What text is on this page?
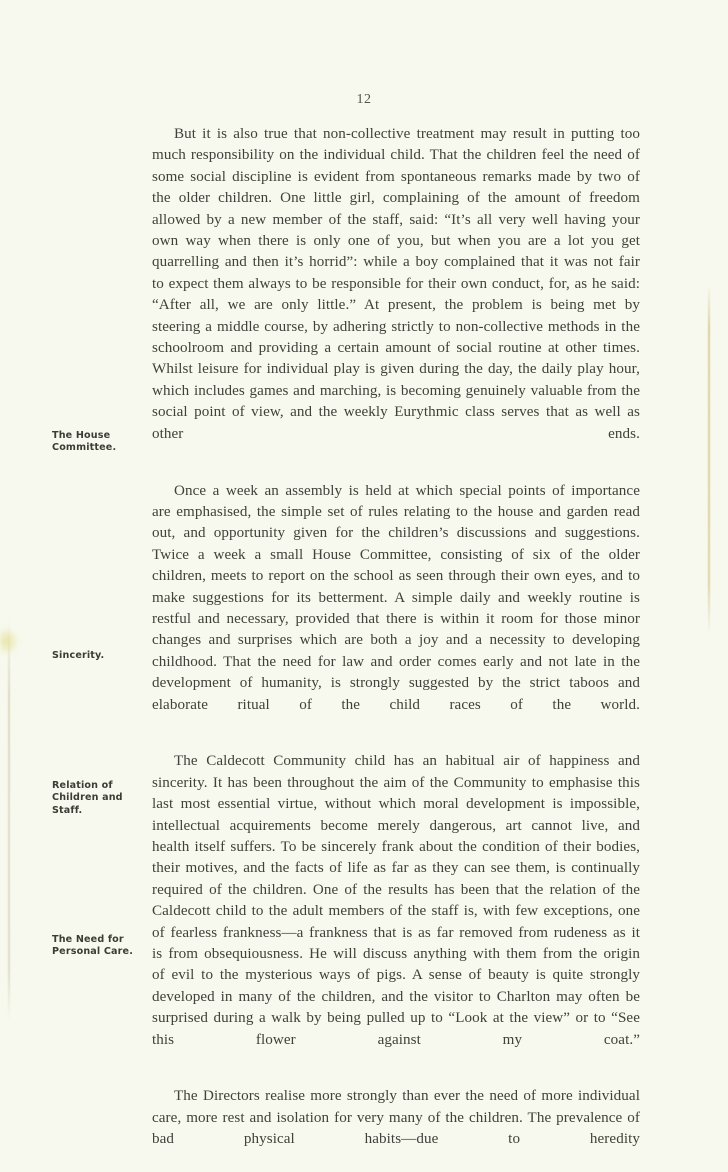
12

But it is also true that non-collective treatment may result in putting too much responsibility on the individual child. That the children feel the need of some social discipline is evident from spontaneous remarks made by two of the older children. One little girl, complaining of the amount of freedom allowed by a new member of the staff, said: “It’s all very well having your own way when there is only one of you, but when you are a lot you get quarrelling and then it’s horrid”: while a boy complained that it was not fair to expect them always to be responsible for their own conduct, for, as he said: “After all, we are only little.” At present, the problem is being met by steering a middle course, by adhering strictly to non-collective methods in the schoolroom and providing a certain amount of social routine at other times. Whilst leisure for individual play is given during the day, the daily play hour, which includes games and marching, is becoming genuinely valuable from the social point of view, and the weekly Eurythmic class serves that as well as other ends.

Once a week an assembly is held at which special points of importance are emphasised, the simple set of rules relating to the house and garden read out, and opportunity given for the children’s discussions and suggestions. Twice a week a small House Committee, consisting of six of the older children, meets to report on the school as seen through their own eyes, and to make suggestions for its betterment. A simple daily and weekly routine is restful and necessary, provided that there is within it room for those minor changes and surprises which are both a joy and a necessity to developing childhood. That the need for law and order comes early and not late in the development of humanity, is strongly suggested by the strict taboos and elaborate ritual of the child races of the world.

The Caldecott Community child has an habitual air of happiness and sincerity. It has been throughout the aim of the Community to emphasise this last most essential virtue, without which moral development is impossible, intellectual acquirements become merely dangerous, art cannot live, and health itself suffers. To be sincerely frank about the condition of their bodies, their motives, and the facts of life as far as they can see them, is continually required of the children. One of the results has been that the relation of the Caldecott child to the adult members of the staff is, with few exceptions, one of fearless frankness—a frankness that is as far removed from rudeness as it is from obsequiousness. He will discuss anything with them from the origin of evil to the mysterious ways of pigs. A sense of beauty is quite strongly developed in many of the children, and the visitor to Charlton may often be surprised during a walk by being pulled up to “Look at the view” or to “See this flower against my coat.”

The Directors realise more strongly than ever the need of more individual care, more rest and isolation for very many of the children. The prevalence of bad physical habits—due to heredity

The House
Committee.
Sincerity.
Relation of
Children and
Staff.
The Need for
Personal Care.
